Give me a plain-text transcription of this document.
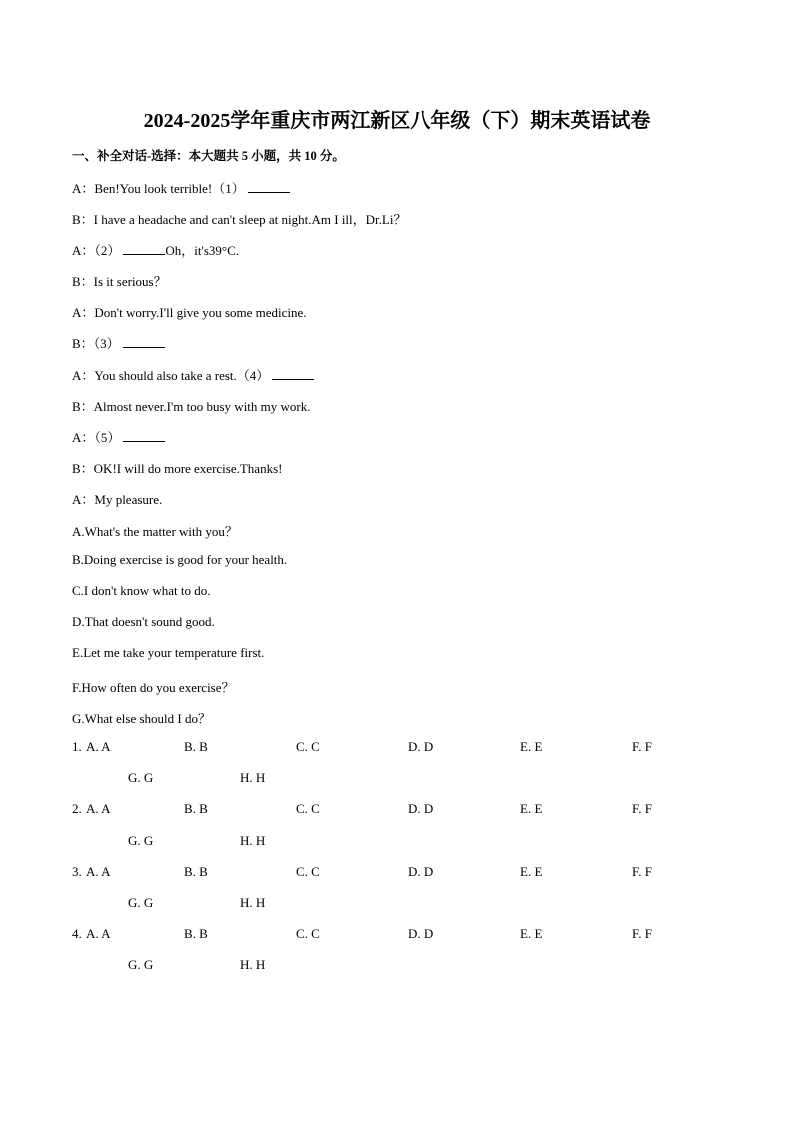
2024-2025学年重庆市两江新区八年级（下）期末英语试卷
一、补全对话-选择：本大题共 5 小题，共 10 分。
A：Ben!You look terrible!（1）
B：I have a headache and can't sleep at night.Am I ill，Dr.Li？
A：（2）	Oh，it's39°C.
B：Is it serious？
A：Don't worry.I'll give you some medicine.
B：（3）
A：You should also take a rest.（4）
B：Almost never.I'm too busy with my work.
A：（5）
B：OK!I will do more exercise.Thanks!
A：My pleasure.
A.What's the matter with you？
B.Doing exercise is good for your health.
C.I don't know what to do.
D.That doesn't sound good.
E.Let me take your temperature first.
F.How often do you exercise？
G.What else should I do？
1. A. A	B. B	C. C	D. D	E. E	F. F
G. G	H. H
2. A. A	B. B	C. C	D. D	E. E	F. F
G. G	H. H
3. A. A	B. B	C. C	D. D	E. E	F. F
G. G	H. H
4. A. A	B. B	C. C	D. D	E. E	F. F
G. G	H. H
